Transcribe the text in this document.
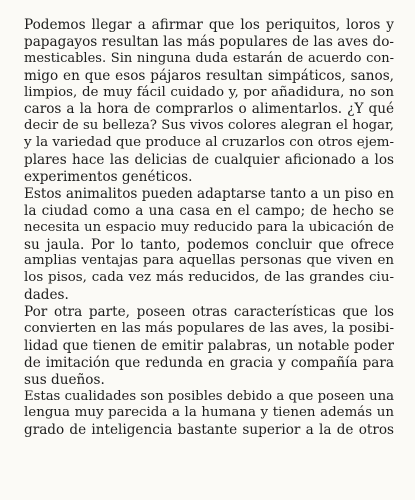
Podemos llegar a afirmar que los periquitos, loros y
papagayos resultan las más populares de las aves do-
mesticables. Sin ninguna duda estarán de acuerdo con-
migo en que esos pájaros resultan simpáticos, sanos,
limpios, de muy fácil cuidado y, por añadidura, no son
caros a la hora de comprarlos o alimentarlos. ¿Y qué
decir de su belleza? Sus vivos colores alegran el hogar,
y la variedad que produce al cruzarlos con otros ejem-
plares hace las delicias de cualquier aficionado a los
experimentos genéticos.
Estos animalitos pueden adaptarse tanto a un piso en
la ciudad como a una casa en el campo; de hecho se
necesita un espacio muy reducido para la ubicación de
su jaula. Por lo tanto, podemos concluir que ofrece
amplias ventajas para aquellas personas que viven en
los pisos, cada vez más reducidos, de las grandes ciu-
dades.
Por otra parte, poseen otras características que los
convierten en las más populares de las aves, la posibi-
lidad que tienen de emitir palabras, un notable poder
de imitación que redunda en gracia y compañía para
sus dueños.
Estas cualidades son posibles debido a que poseen una
lengua muy parecida a la humana y tienen además un
grado de inteligencia bastante superior a la de otros
